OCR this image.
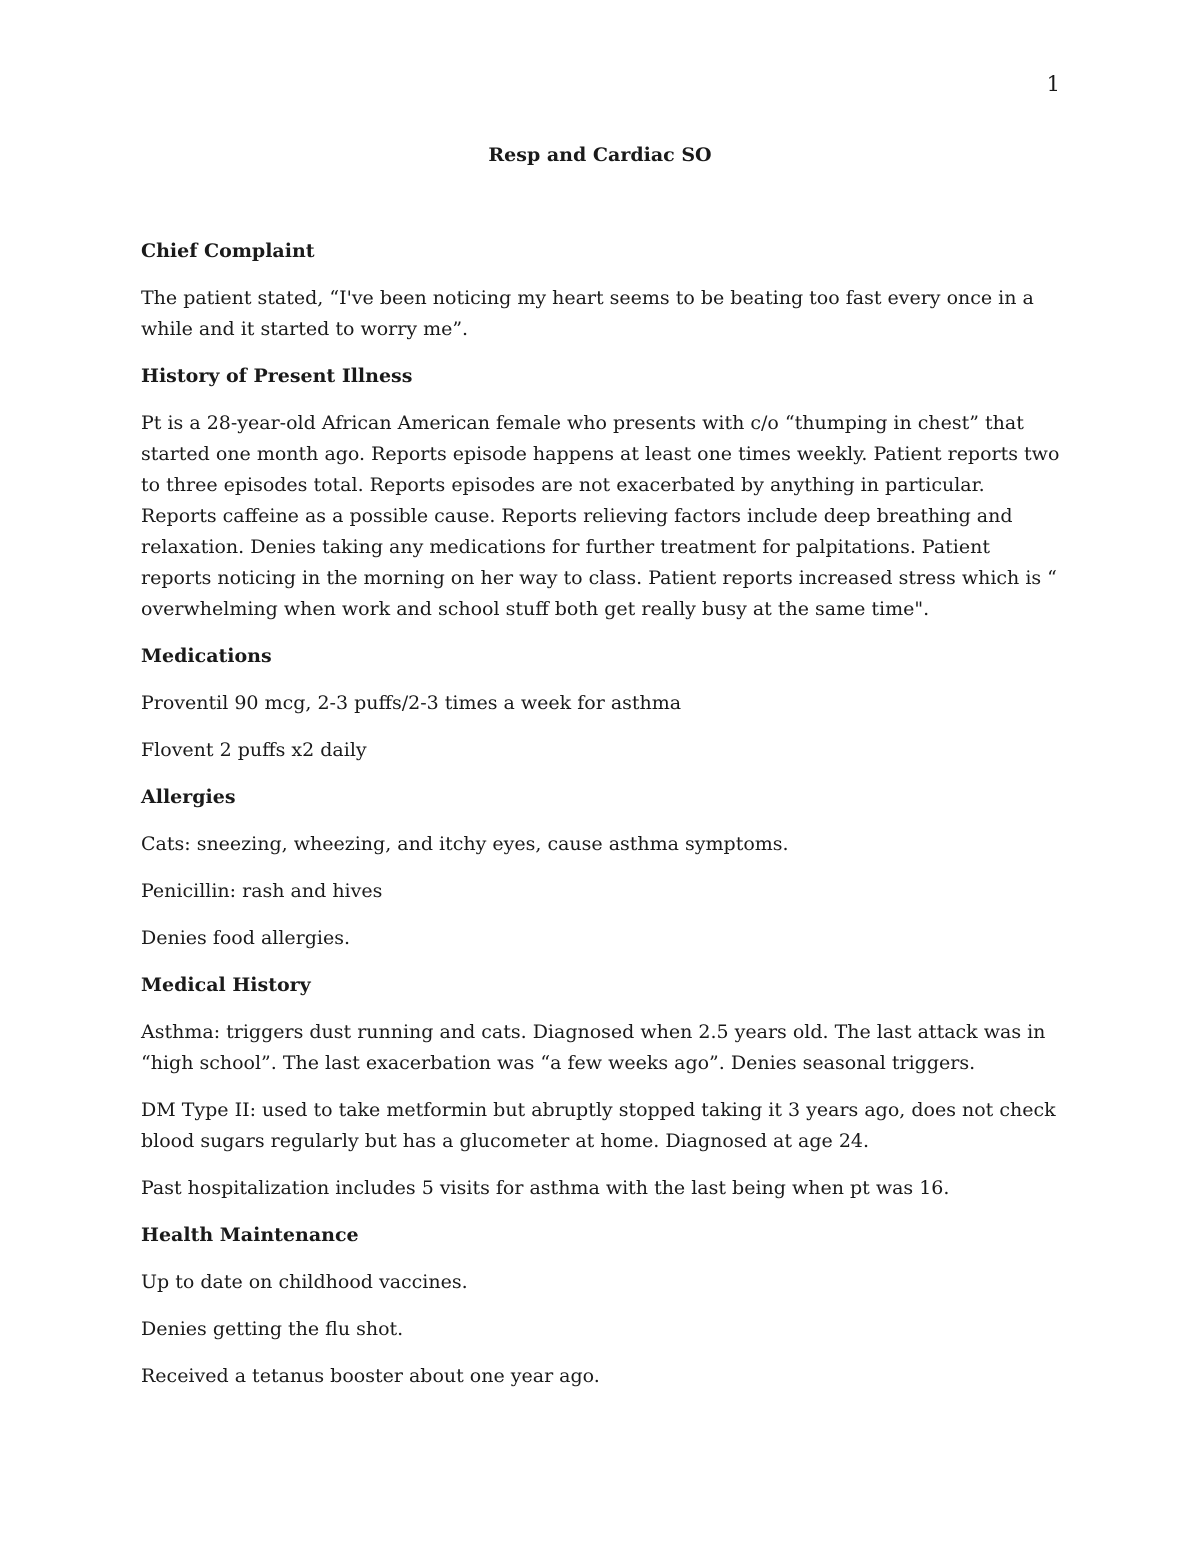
1

Resp and Cardiac SO
Chief Complaint

The patient stated, “I've been noticing my heart seems to be beating too fast every once in a while and it started to worry me”.

History of Present Illness

Pt is a 28-year-old African American female who presents with c/o “thumping in chest” that started one month ago. Reports episode happens at least one times weekly. Patient reports two to three episodes total. Reports episodes are not exacerbated by anything in particular. Reports caffeine as a possible cause. Reports relieving factors include deep breathing and relaxation. Denies taking any medications for further treatment for palpitations. Patient reports noticing in the morning on her way to class. Patient reports increased stress which is “ overwhelming when work and school stuff both get really busy at the same time".

Medications

Proventil 90 mcg, 2-3 puffs/2-3 times a week for asthma

Flovent 2 puffs x2 daily

Allergies

Cats: sneezing, wheezing, and itchy eyes, cause asthma symptoms.

Penicillin: rash and hives

Denies food allergies.

Medical History

Asthma: triggers dust running and cats. Diagnosed when 2.5 years old. The last attack was in “high school”. The last exacerbation was “a few weeks ago”. Denies seasonal triggers.

DM Type II: used to take metformin but abruptly stopped taking it 3 years ago, does not check blood sugars regularly but has a glucometer at home. Diagnosed at age 24.

Past hospitalization includes 5 visits for asthma with the last being when pt was 16.

Health Maintenance

Up to date on childhood vaccines.

Denies getting the flu shot.

Received a tetanus booster about one year ago.
